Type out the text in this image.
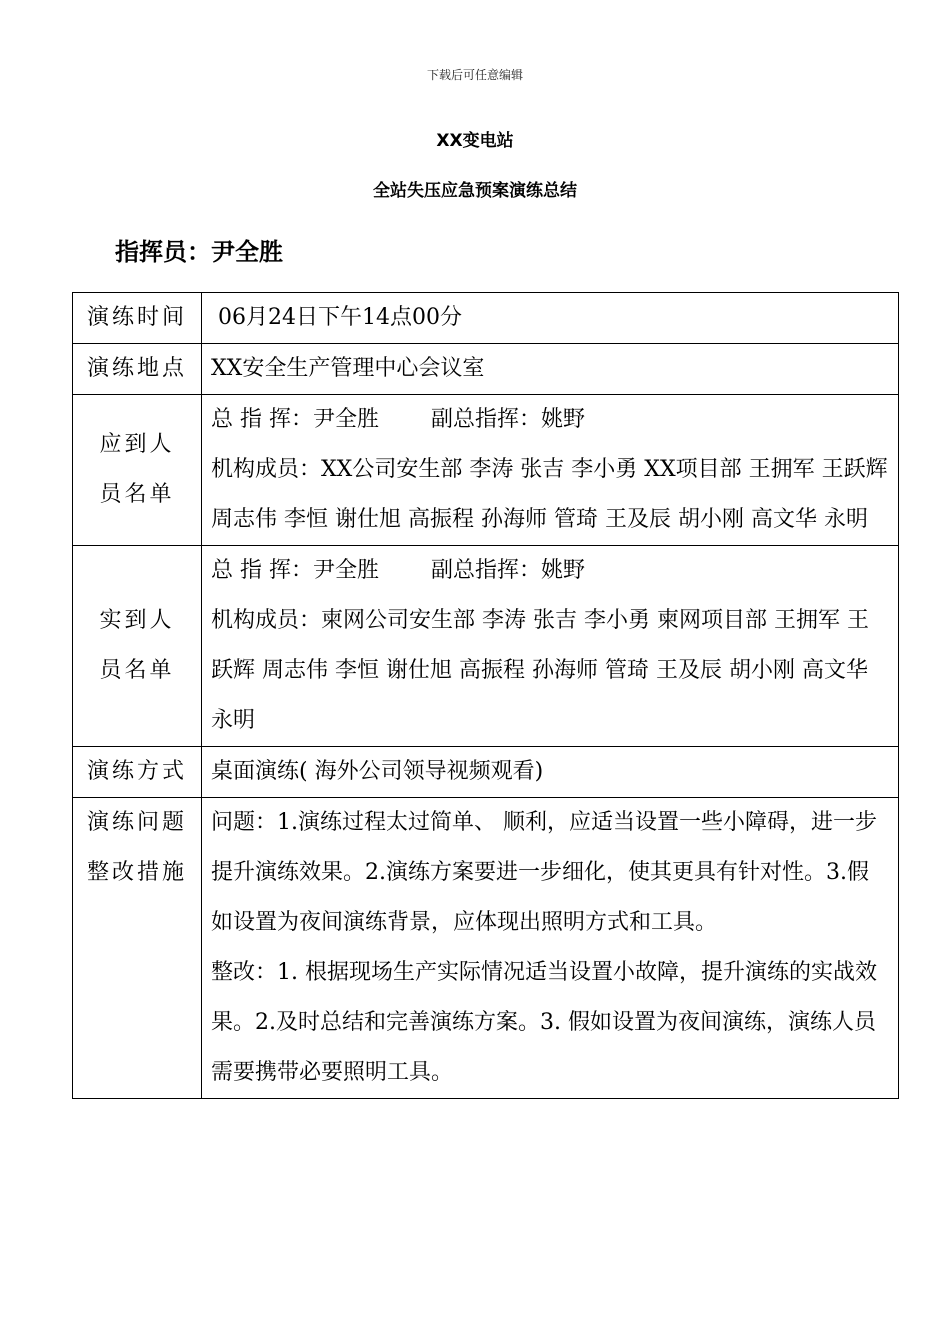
下载后可任意编辑
XX变电站
全站失压应急预案演练总结
指挥员：尹全胜
演练时间	06月24日下午14点00分
演练地点	XX安全生产管理中心会议室

应到人
员名单	总 指 挥：尹全胜 副总指挥：姚野
机构成员：XX公司安生部 李涛 张吉 李小勇 XX项目部 王拥军 王跃辉 周志伟 李恒 谢仕旭 高振程 孙海师 管琦 王及辰 胡小刚 高文华 永明

实到人
员名单	总 指 挥：尹全胜 副总指挥：姚野
机构成员：柬网公司安生部 李涛 张吉 李小勇 柬网项目部 王拥军 王跃辉 周志伟 李恒 谢仕旭 高振程 孙海师 管琦 王及辰 胡小刚 高文华 永明

演练方式	桌面演练( 海外公司领导视频观看)

演练问题
整改措施	问题：1.演练过程太过简单、 顺利，应适当设置一些小障碍，进一步提升演练效果。2.演练方案要进一步细化，使其更具有针对性。3.假如设置为夜间演练背景，应体现出照明方式和工具。
整改：1. 根据现场生产实际情况适当设置小故障，提升演练的实战效果。2.及时总结和完善演练方案。3. 假如设置为夜间演练，演练人员需要携带必要照明工具。
